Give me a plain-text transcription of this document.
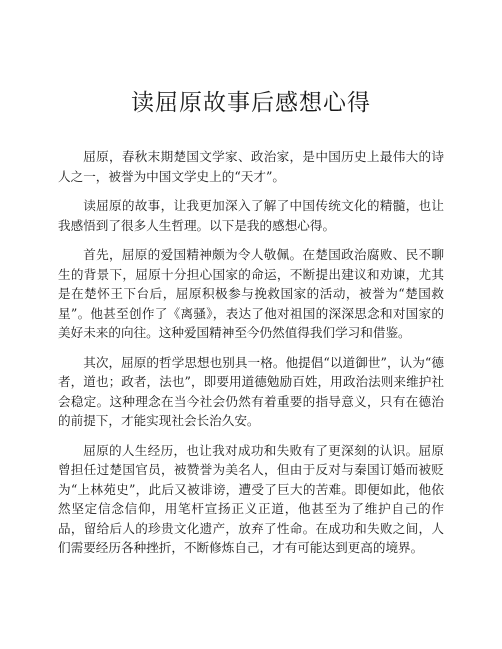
读屈原故事后感想心得

屈原，春秋末期楚国文学家、政治家，是中国历史上最伟大的诗人之一，被誉为中国文学史上的“天才”。

读屈原的故事，让我更加深入了解了中国传统文化的精髓，也让我感悟到了很多人生哲理。以下是我的感想心得。

首先，屈原的爱国精神颇为令人敬佩。在楚国政治腐败、民不聊生的背景下，屈原十分担心国家的命运，不断提出建议和劝谏，尤其是在楚怀王下台后，屈原积极参与挽救国家的活动，被誉为“楚国救星”。他甚至创作了《离骚》，表达了他对祖国的深深思念和对国家的美好未来的向往。这种爱国精神至今仍然值得我们学习和借鉴。

其次，屈原的哲学思想也别具一格。他提倡“以道御世”，认为“德者，道也；政者，法也”，即要用道德勉励百姓，用政治法则来维护社会稳定。这种理念在当今社会仍然有着重要的指导意义，只有在德治的前提下，才能实现社会长治久安。

屈原的人生经历，也让我对成功和失败有了更深刻的认识。屈原曾担任过楚国官员，被赞誉为美名人，但由于反对与秦国订婚而被贬为“上林苑史”，此后又被诽谤，遭受了巨大的苦难。即便如此，他依然坚定信念信仰，用笔杆宣扬正义正道，他甚至为了维护自己的作品，留给后人的珍贵文化遗产，放弃了性命。在成功和失败之间，人们需要经历各种挫折，不断修炼自己，才有可能达到更高的境界。
